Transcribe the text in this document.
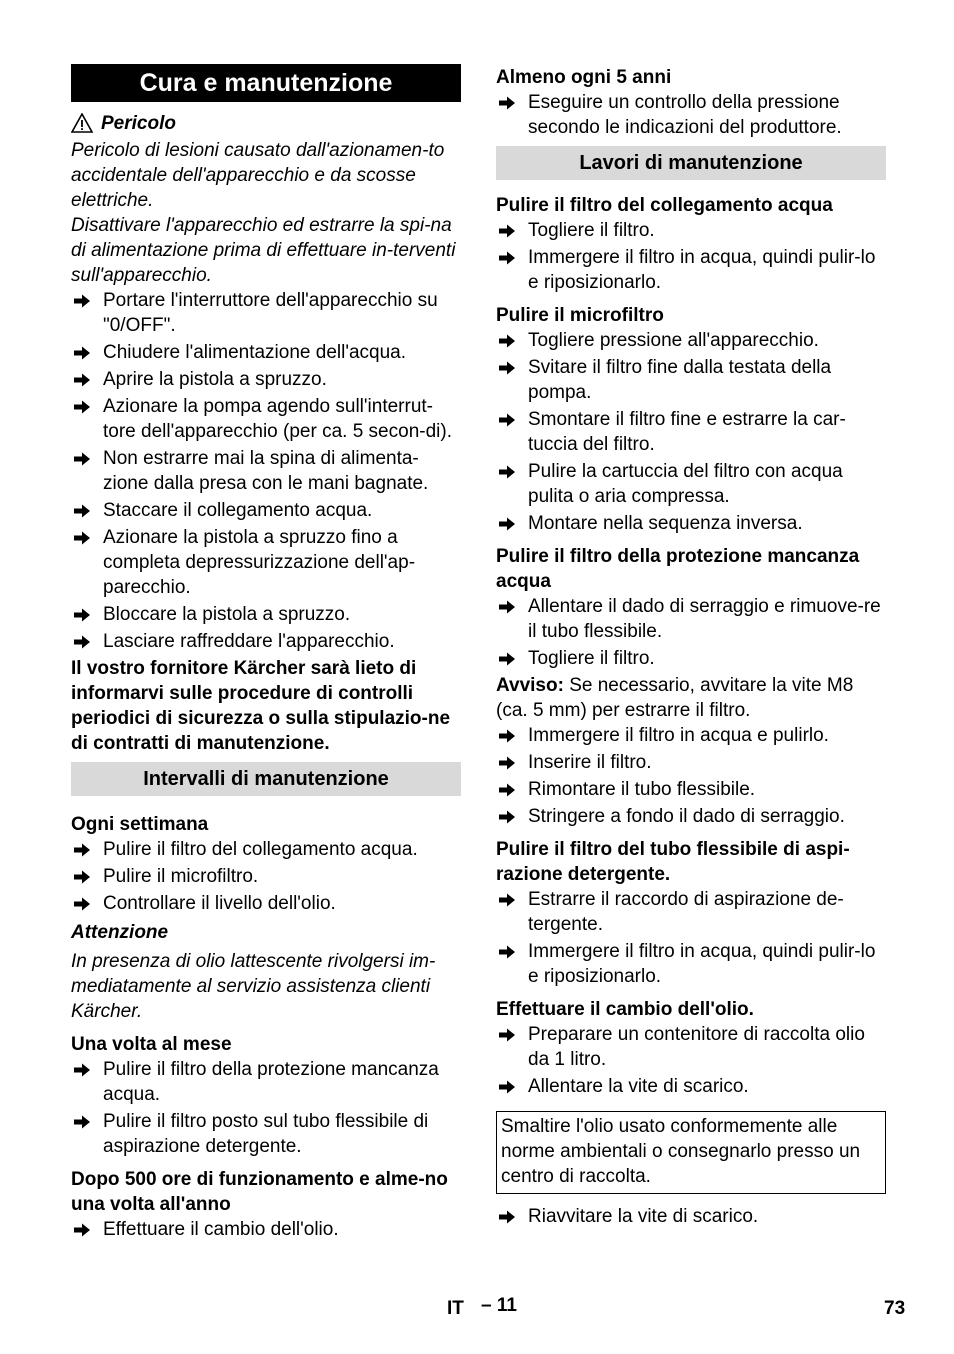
Cura e manutenzione
Pericolo
Pericolo di lesioni causato dall'azionamen-to accidentale dell'apparecchio e da scosse elettriche.
Disattivare l'apparecchio ed estrarre la spi-na di alimentazione prima di effettuare in-terventi sull'apparecchio.
Portare l'interruttore dell'apparecchio su "0/OFF".
Chiudere l'alimentazione dell'acqua.
Aprire la pistola a spruzzo.
Azionare la pompa agendo sull'interrut-tore dell'apparecchio (per ca. 5 secon-di).
Non estrarre mai la spina di alimenta-zione dalla presa con le mani bagnate.
Staccare il collegamento acqua.
Azionare la pistola a spruzzo fino a completa depressurizzazione dell'ap-parecchio.
Bloccare la pistola a spruzzo.
Lasciare raffreddare l'apparecchio.
Il vostro fornitore Kärcher sarà lieto di informarvi sulle procedure di controlli periodici di sicurezza o sulla stipulazio-ne di contratti di manutenzione.
Intervalli di manutenzione
Ogni settimana
Pulire il filtro del collegamento acqua.
Pulire il microfiltro.
Controllare il livello dell'olio.
Attenzione
In presenza di olio lattescente rivolgersi im-mediatamente al servizio assistenza clienti Kärcher.
Una volta al mese
Pulire il filtro della protezione mancanza acqua.
Pulire il filtro posto sul tubo flessibile di aspirazione detergente.
Dopo 500 ore di funzionamento e alme-no una volta all'anno
Effettuare il cambio dell'olio.
Almeno ogni 5 anni
Eseguire un controllo della pressione secondo le indicazioni del produttore.
Lavori di manutenzione
Pulire il filtro del collegamento acqua
Togliere il filtro.
Immergere il filtro in acqua, quindi pulir-lo e riposizionarlo.
Pulire il microfiltro
Togliere pressione all'apparecchio.
Svitare il filtro fine dalla testata della pompa.
Smontare il filtro fine e estrarre la car-tuccia del filtro.
Pulire la cartuccia del filtro con acqua pulita o aria compressa.
Montare nella sequenza inversa.
Pulire il filtro della protezione mancanza acqua
Allentare il dado di serraggio e rimuove-re il tubo flessibile.
Togliere il filtro.
Avviso: Se necessario, avvitare la vite M8 (ca. 5 mm) per estrarre il filtro.
Immergere il filtro in acqua e pulirlo.
Inserire il filtro.
Rimontare il tubo flessibile.
Stringere a fondo il dado di serraggio.
Pulire il filtro del tubo flessibile di aspi-razione detergente.
Estrarre il raccordo di aspirazione de-tergente.
Immergere il filtro in acqua, quindi pulir-lo e riposizionarlo.
Effettuare il cambio dell'olio.
Preparare un contenitore di raccolta olio da 1 litro.
Allentare la vite di scarico.
Smaltire l'olio usato conformemente alle norme ambientali o consegnarlo presso un centro di raccolta.
Riavvitare la vite di scarico.
IT – 11	73
